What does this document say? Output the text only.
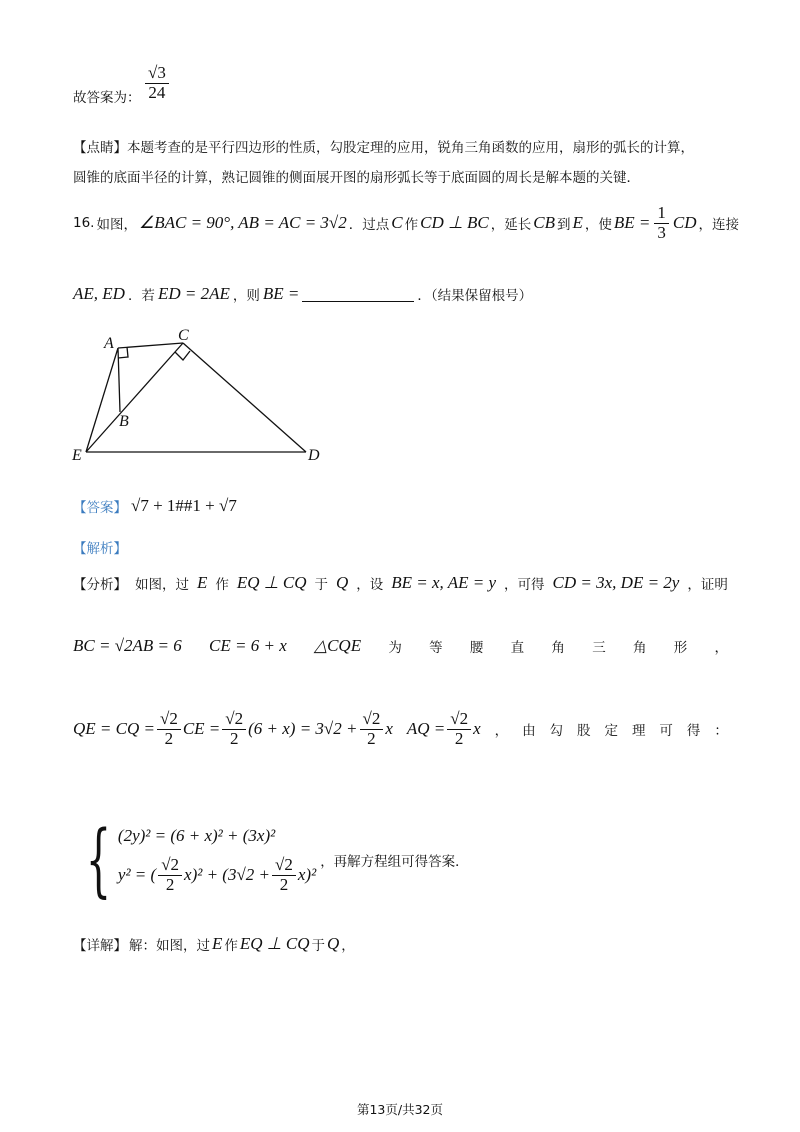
故答案为： $\frac{√3}{24}$
【点睛】本题考查的是平行四边形的性质，勾股定理的应用，锐角三角函数的应用，扇形的弧长的计算，
圆锥的底面半径的计算，熟记圆锥的侧面展开图的扇形弧长等于底面圆的周长是解本题的关键．
16. 如图， ∠BAC = 90°, AB = AC = 3√2 ．过点 C 作 CD ⊥ BC ，延长 CB 到 E ，使 BE = $\frac{1}{3}$ CD ，连接
AE, ED ．若 ED = 2AE ，则 BE =	．（结果保留根号）
A	C
B
E	D
【答案】 √7 + 1##1 + √7
【解析】
【分析】 如图，过 E 作 EQ ⊥ CQ 于 Q ，设 BE = x, AE = y ，可得 CD = 3x, DE = 2y ，证明
BC = √2AB = 6 CE = 6 + x △CQE 为 等 腰 直 角 三 角 形 ，
QE = CQ = $\frac{√2}{2}$ CE = $\frac{√2}{2} (6 + x) = 3√2 + \frac{√2}{2}$ x AQ = $\frac{√2}{2}$ x ， 由 勾 股 定 理 可 得 ：
{ (2y)² = (6 + x)² + (3x)²
y² = ( $\frac{√2}{2} x)^2 + (3√2 + \frac{√2}{2} x)^2$
，再解方程组可得答案．
【详解】 解：如图，过 E 作 EQ ⊥ CQ 于 Q ，
第13页/共32页
